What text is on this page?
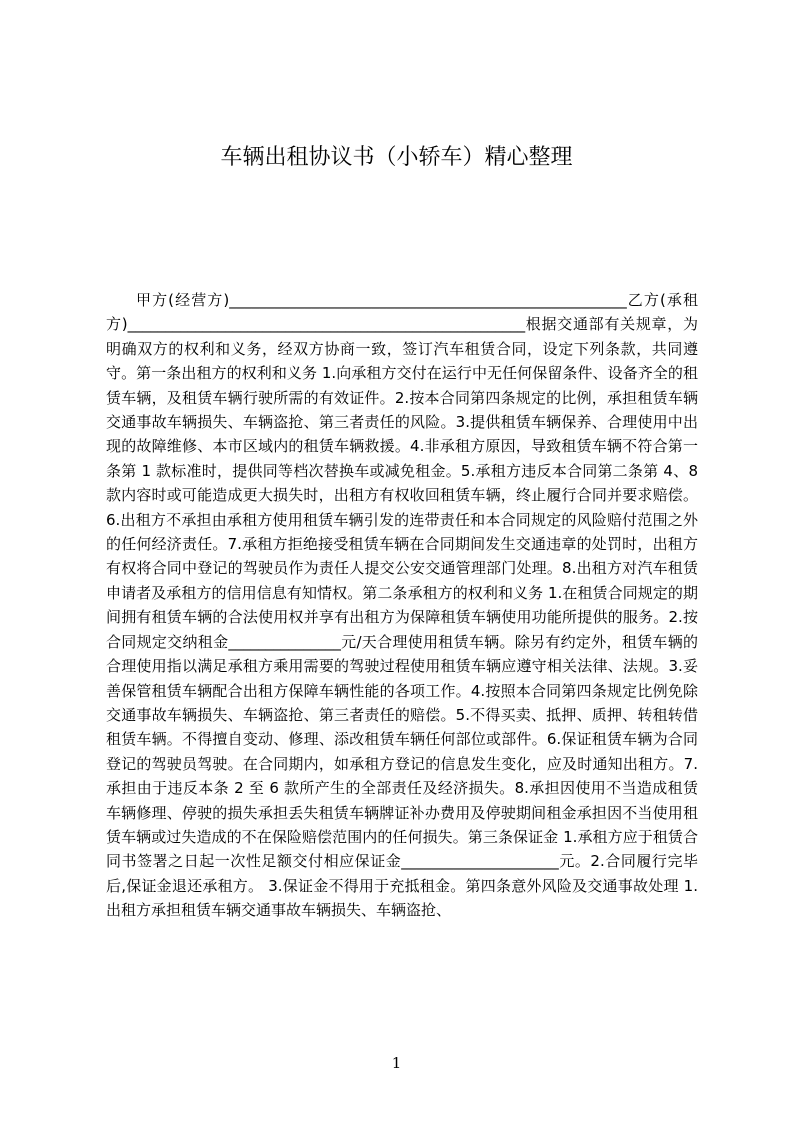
车辆出租协议书（小轿车）精心整理

甲方(经营方)_____________________________________________________乙方(承租方)_____________________________________________________根据交通部有关规章，为明确双方的权利和义务，经双方协商一致，签订汽车租赁合同，设定下列条款，共同遵守。第一条出租方的权利和义务 1.向承租方交付在运行中无任何保留条件、设备齐全的租赁车辆，及租赁车辆行驶所需的有效证件。2.按本合同第四条规定的比例，承担租赁车辆交通事故车辆损失、车辆盗抢、第三者责任的风险。3.提供租赁车辆保养、合理使用中出现的故障维修、本市区域内的租赁车辆救援。4.非承租方原因，导致租赁车辆不符合第一条第 1 款标准时，提供同等档次替换车或减免租金。5.承租方违反本合同第二条第 4、8 款内容时或可能造成更大损失时，出租方有权收回租赁车辆，终止履行合同并要求赔偿。6.出租方不承担由承租方使用租赁车辆引发的连带责任和本合同规定的风险赔付范围之外的任何经济责任。7.承租方拒绝接受租赁车辆在合同期间发生交通违章的处罚时，出租方有权将合同中登记的驾驶员作为责任人提交公安交通管理部门处理。8.出租方对汽车租赁申请者及承租方的信用信息有知情权。第二条承租方的权利和义务 1.在租赁合同规定的期间拥有租赁车辆的合法使用权并享有出租方为保障租赁车辆使用功能所提供的服务。2.按合同规定交纳租金_______________元/天合理使用租赁车辆。除另有约定外，租赁车辆的合理使用指以满足承租方乘用需要的驾驶过程使用租赁车辆应遵守相关法律、法规。3.妥善保管租赁车辆配合出租方保障车辆性能的各项工作。4.按照本合同第四条规定比例免除交通事故车辆损失、车辆盗抢、第三者责任的赔偿。5.不得买卖、抵押、质押、转租转借租赁车辆。不得擅自变动、修理、添改租赁车辆任何部位或部件。6.保证租赁车辆为合同登记的驾驶员驾驶。在合同期内，如承租方登记的信息发生变化，应及时通知出租方。7.承担由于违反本条 2 至 6 款所产生的全部责任及经济损失。8.承担因使用不当造成租赁车辆修理、停驶的损失承担丢失租赁车辆牌证补办费用及停驶期间租金承担因不当使用租赁车辆或过失造成的不在保险赔偿范围内的任何损失。第三条保证金 1.承租方应于租赁合同书签署之日起一次性足额交付相应保证金_____________________元。2.合同履行完毕后,保证金退还承租方。 3.保证金不得用于充抵租金。第四条意外风险及交通事故处理 1.出租方承担租赁车辆交通事故车辆损失、车辆盗抢、

1
